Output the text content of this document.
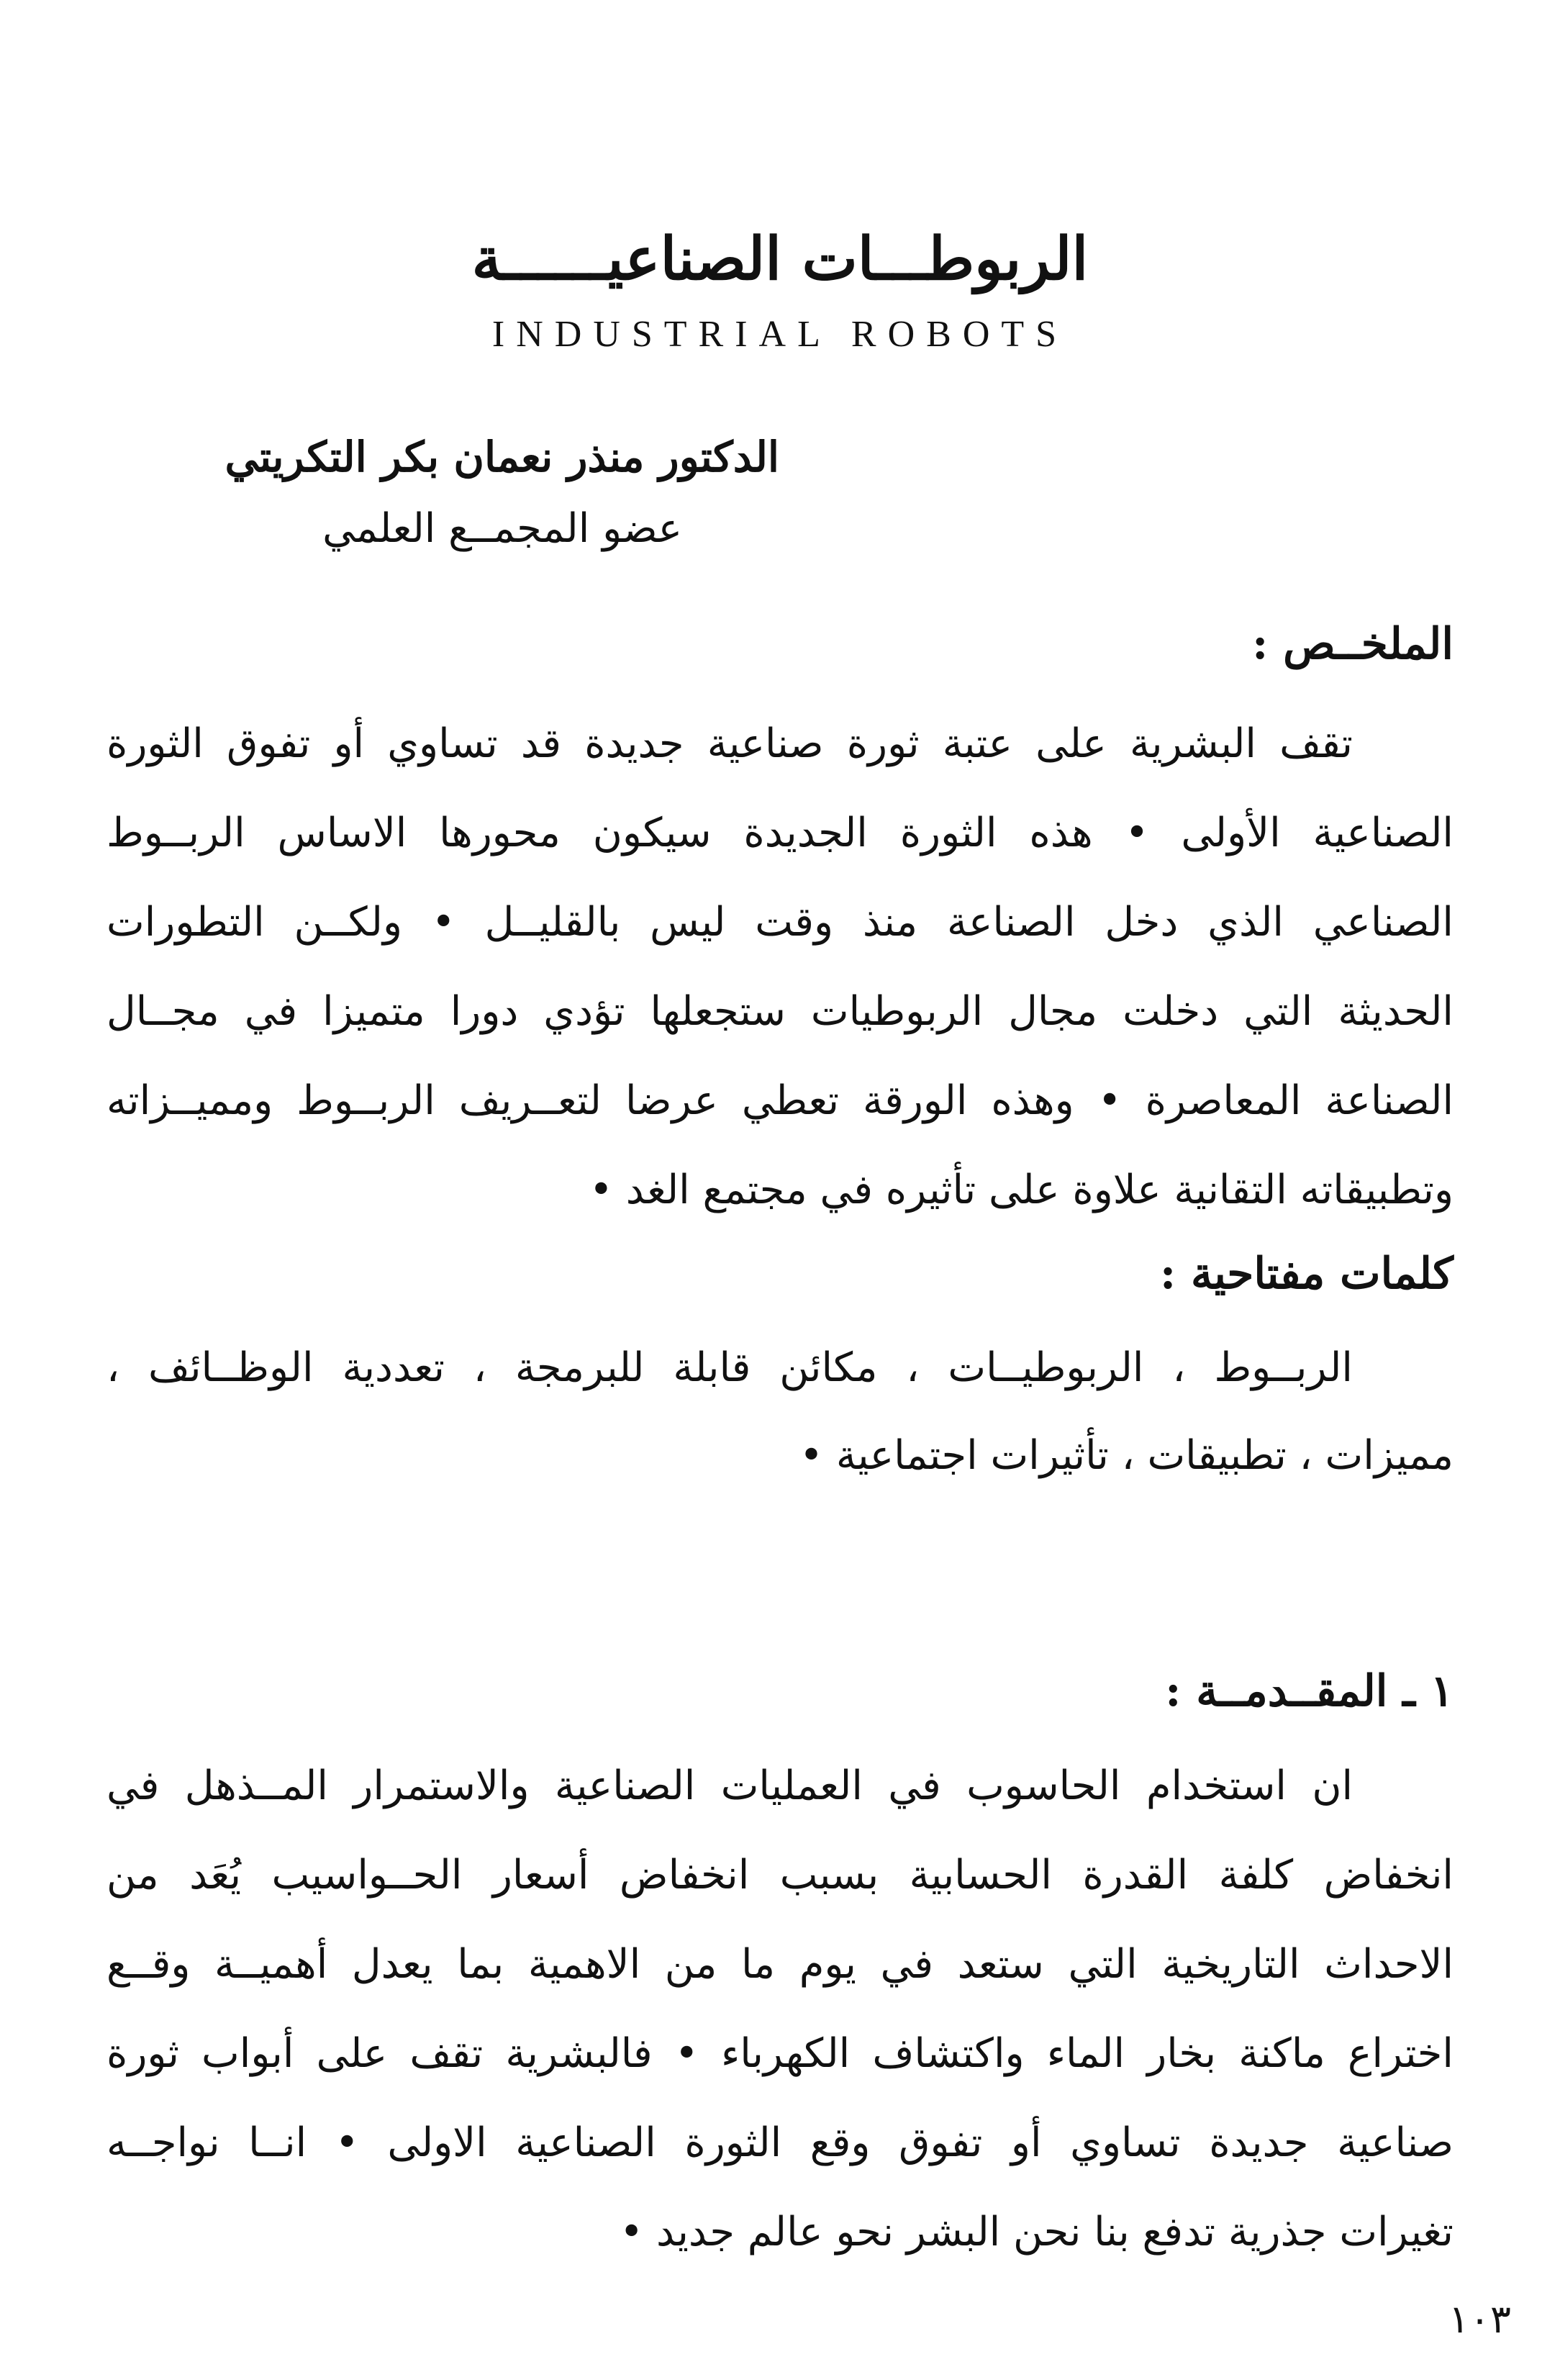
الربوطـــات الصناعيــــــة
INDUSTRIAL ROBOTS
الدكتور منذر نعمان بكر التكريتي
عضو المجمــع العلمي
الملخــص :
تقف البشرية على عتبة ثورة صناعية جديدة قد تساوي أو تفوق الثورة
الصناعية الأولى • هذه الثورة الجديدة سيكون محورها الاساس الربــوط
الصناعي الذي دخل الصناعة منذ وقت ليس بالقليــل • ولكــن التطورات
الحديثة التي دخلت مجال الربوطيات ستجعلها تؤدي دورا متميزا في مجــال
الصناعة المعاصرة • وهذه الورقة تعطي عرضا لتعــريف الربــوط ومميــزاته
وتطبيقاته التقانية علاوة على تأثيره في مجتمع الغد •
كلمات مفتاحية :
الربــوط ، الربوطيــات ، مكائن قابلة للبرمجة ، تعددية الوظــائف ،
مميزات ، تطبيقات ، تأثيرات اجتماعية •
١ ـ المقــدمــة :
ان استخدام الحاسوب في العمليات الصناعية والاستمرار المــذهل في
انخفاض كلفة القدرة الحسابية بسبب انخفاض أسعار الحــواسيب يُعَد من
الاحداث التاريخية التي ستعد في يوم ما من الاهمية بما يعدل أهميــة وقــع
اختراع ماكنة بخار الماء واكتشاف الكهرباء • فالبشرية تقف على أبواب ثورة
صناعية جديدة تساوي أو تفوق وقع الثورة الصناعية الاولى • انــا نواجــه
تغيرات جذرية تدفع بنا نحن البشر نحو عالم جديد •
١٠٣
